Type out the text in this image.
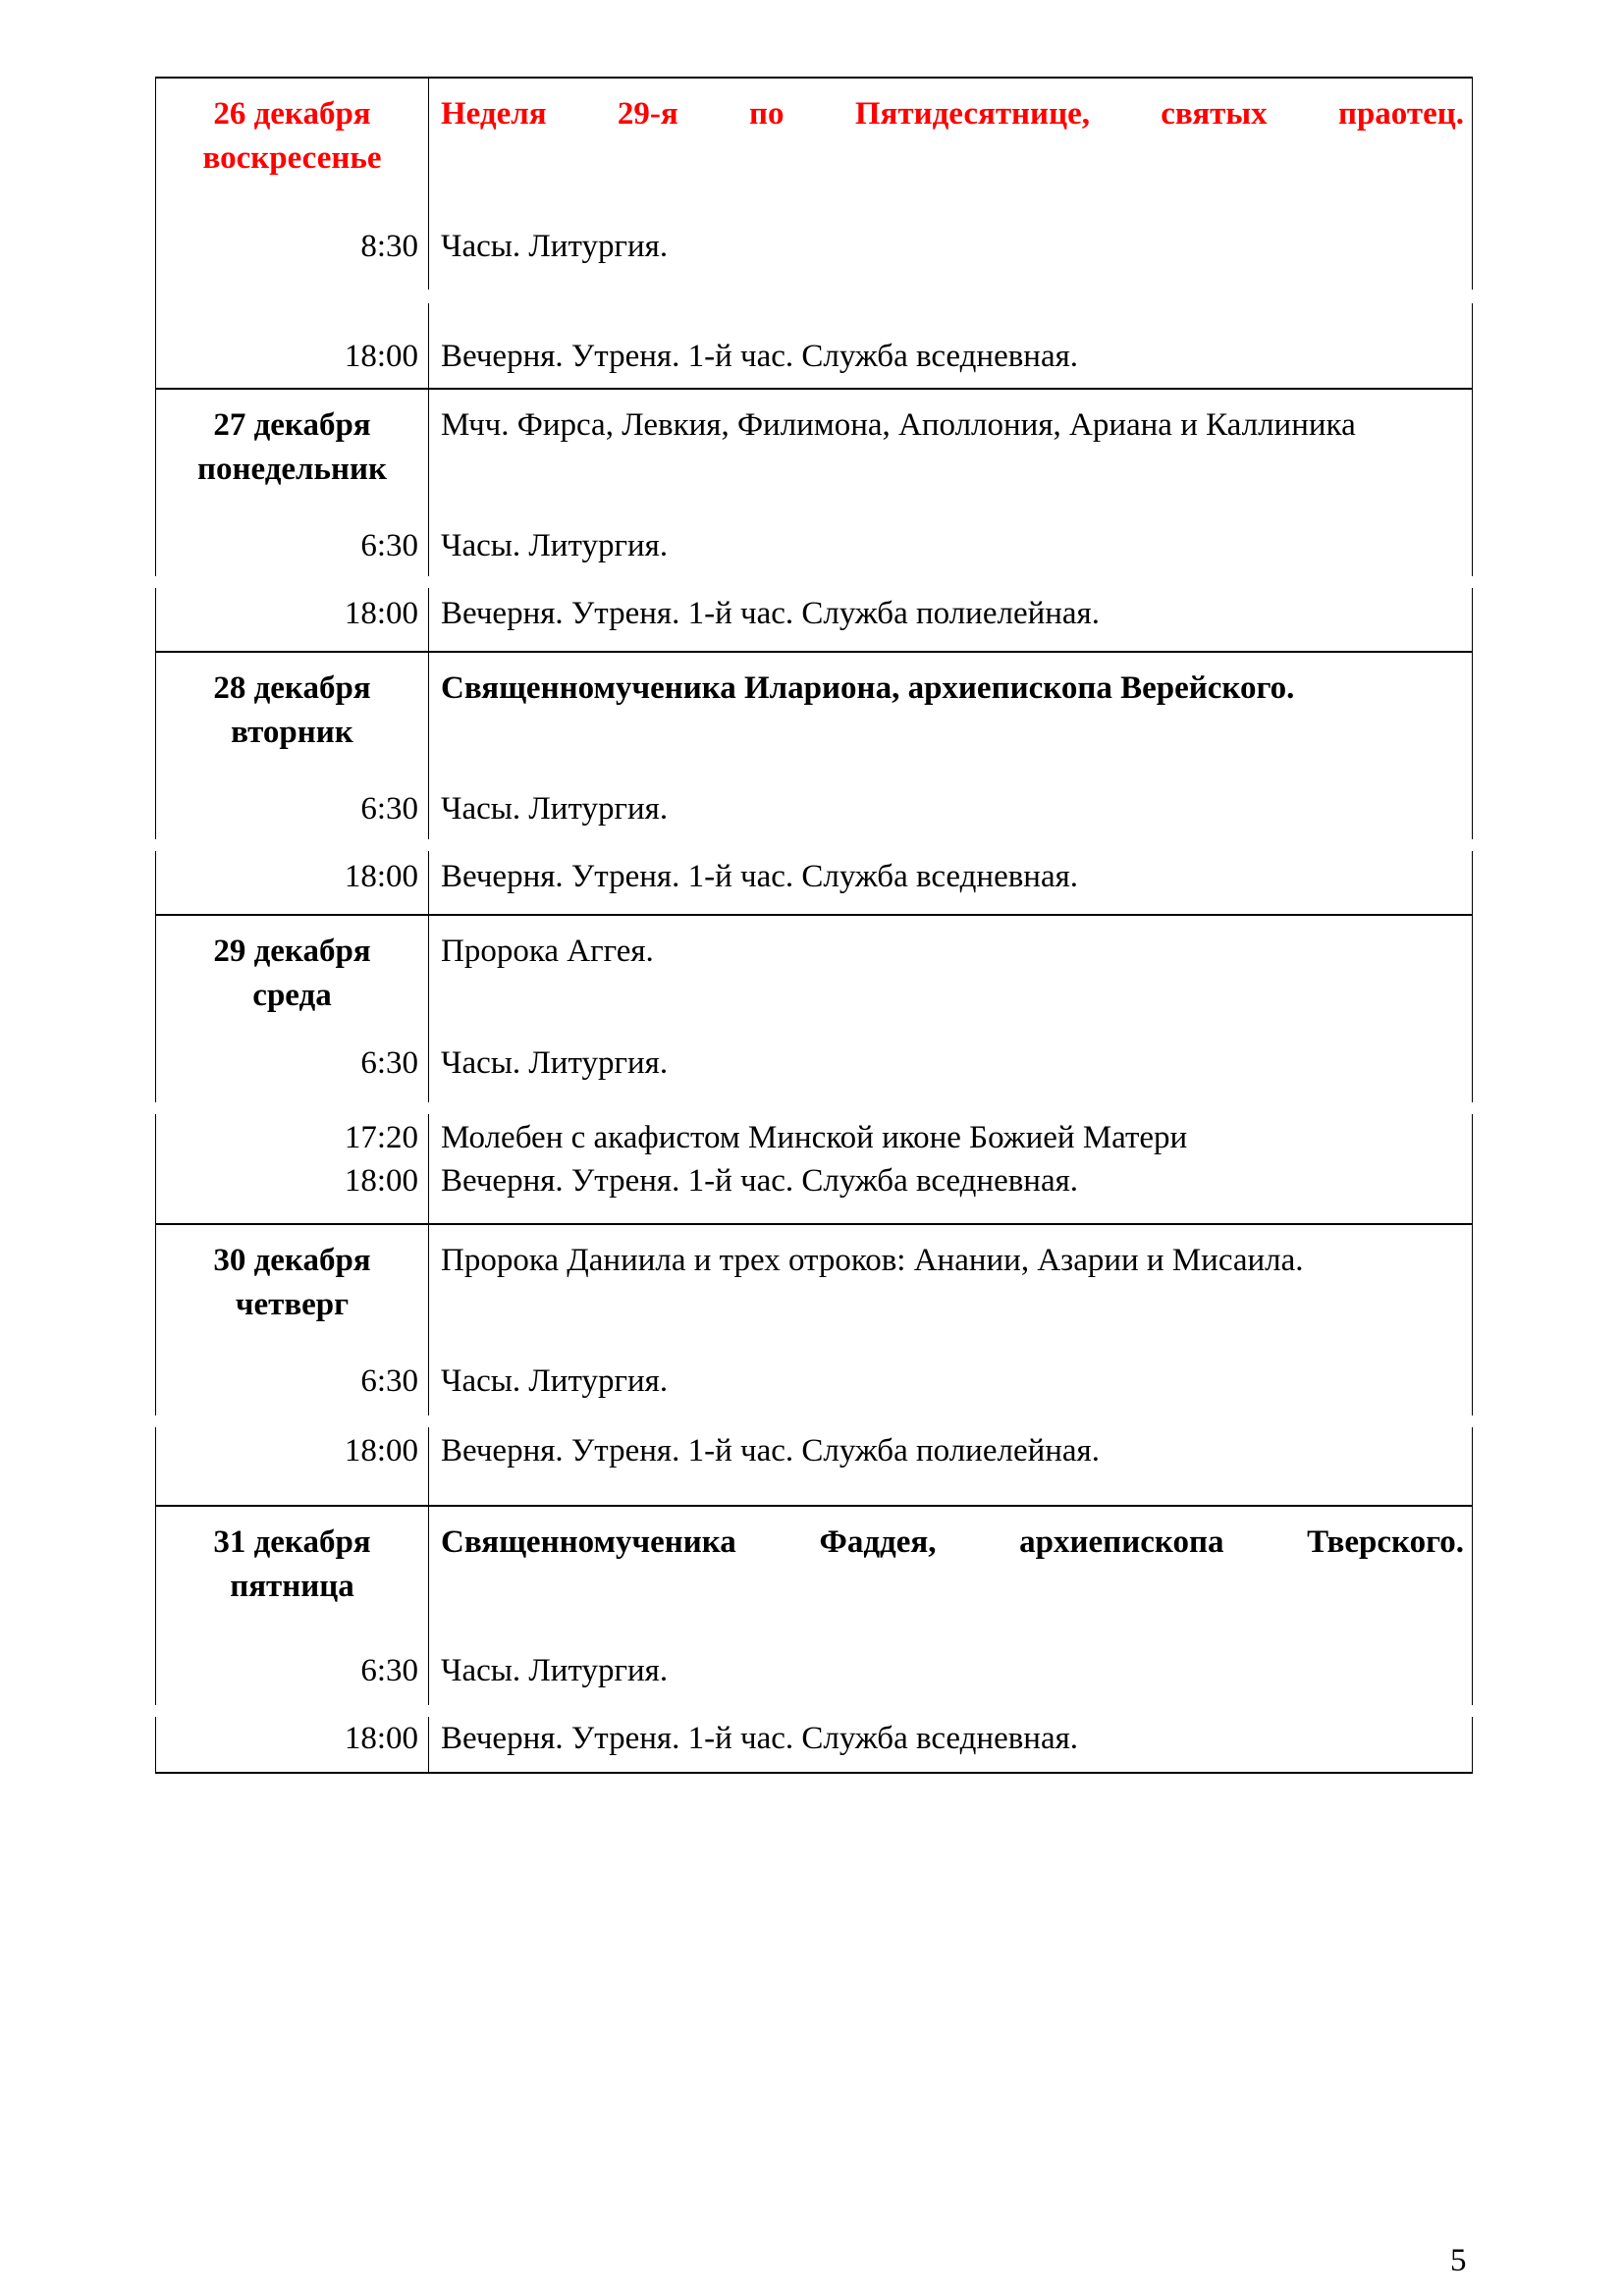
26 декабря
воскресенье
8:30
Неделя 29-я по Пятидесятнице, святых праотец.
Часы. Литургия.
18:00 Вечерня. Утреня. 1-й час. Служба вседневная.
27 декабря
понедельник
6:30
Мчч. Фирса, Левкия, Филимона, Аполлония, Ариана и Каллиника
Часы. Литургия.
18:00 Вечерня. Утреня. 1-й час. Служба полиелейная.
28 декабря
вторник
6:30
Священномученика Илариона, архиепископа Верейского.
Часы. Литургия.
18:00 Вечерня. Утреня. 1-й час. Служба вседневная.
29 декабря
среда
6:30
Пророка Аггея.
Часы. Литургия.
17:20
18:00
Молебен с акафистом Минской иконе Божией Матери
Вечерня. Утреня. 1-й час. Служба вседневная.
30 декабря
четверг
6:30
Пророка Даниила и трех отроков: Анании, Азарии и Мисаила.
Часы. Литургия.
18:00 Вечерня. Утреня. 1-й час. Служба полиелейная.
31 декабря
пятница
6:30
Священномученика Фаддея, архиепископа Тверского.
Часы. Литургия.
18:00 Вечерня. Утреня. 1-й час. Служба вседневная.
5
